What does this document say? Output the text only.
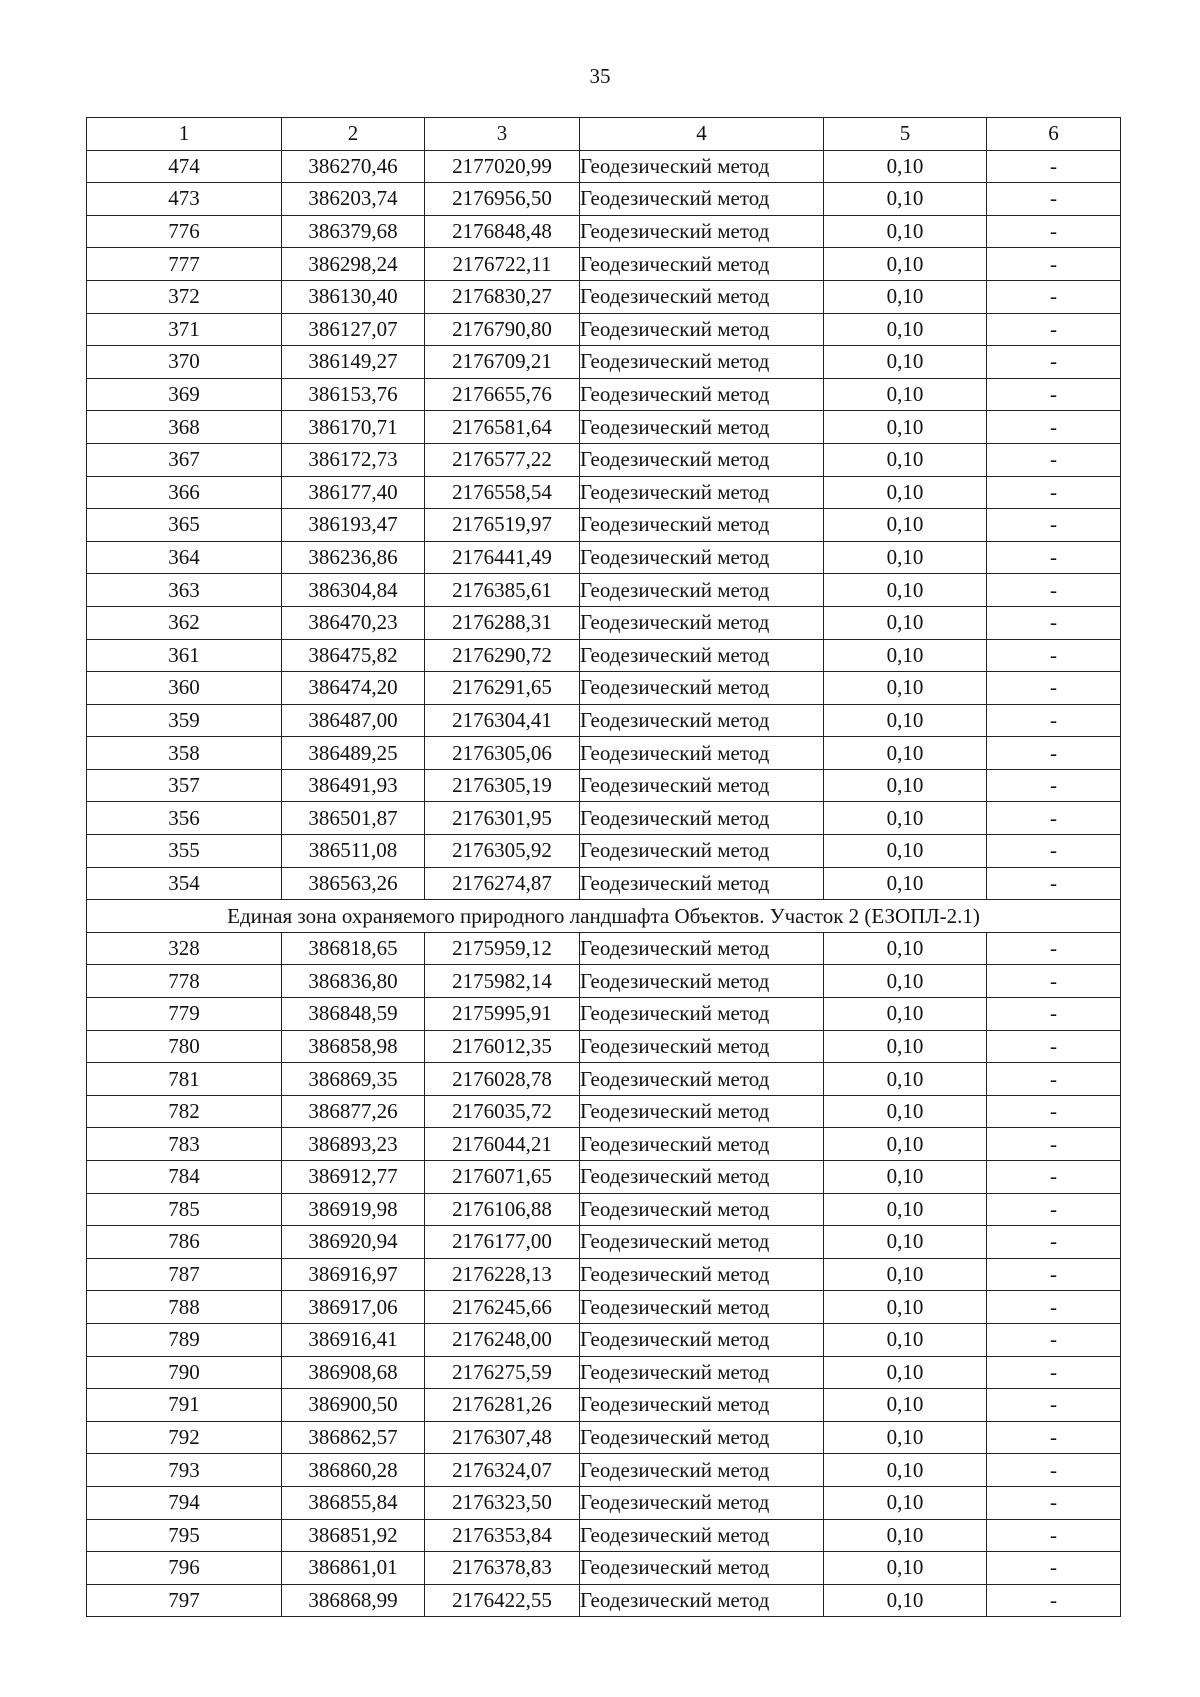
35
1	2	3	4	5	6
474	386270,46	2177020,99	Геодезический метод	0,10	-
473	386203,74	2176956,50	Геодезический метод	0,10	-
776	386379,68	2176848,48	Геодезический метод	0,10	-
777	386298,24	2176722,11	Геодезический метод	0,10	-
372	386130,40	2176830,27	Геодезический метод	0,10	-
371	386127,07	2176790,80	Геодезический метод	0,10	-
370	386149,27	2176709,21	Геодезический метод	0,10	-
369	386153,76	2176655,76	Геодезический метод	0,10	-
368	386170,71	2176581,64	Геодезический метод	0,10	-
367	386172,73	2176577,22	Геодезический метод	0,10	-
366	386177,40	2176558,54	Геодезический метод	0,10	-
365	386193,47	2176519,97	Геодезический метод	0,10	-
364	386236,86	2176441,49	Геодезический метод	0,10	-
363	386304,84	2176385,61	Геодезический метод	0,10	-
362	386470,23	2176288,31	Геодезический метод	0,10	-
361	386475,82	2176290,72	Геодезический метод	0,10	-
360	386474,20	2176291,65	Геодезический метод	0,10	-
359	386487,00	2176304,41	Геодезический метод	0,10	-
358	386489,25	2176305,06	Геодезический метод	0,10	-
357	386491,93	2176305,19	Геодезический метод	0,10	-
356	386501,87	2176301,95	Геодезический метод	0,10	-
355	386511,08	2176305,92	Геодезический метод	0,10	-
354	386563,26	2176274,87	Геодезический метод	0,10	-
Единая зона охраняемого природного ландшафта Объектов. Участок 2 (ЕЗОПЛ-2.1)					
328	386818,65	2175959,12	Геодезический метод	0,10	-
778	386836,80	2175982,14	Геодезический метод	0,10	-
779	386848,59	2175995,91	Геодезический метод	0,10	-
780	386858,98	2176012,35	Геодезический метод	0,10	-
781	386869,35	2176028,78	Геодезический метод	0,10	-
782	386877,26	2176035,72	Геодезический метод	0,10	-
783	386893,23	2176044,21	Геодезический метод	0,10	-
784	386912,77	2176071,65	Геодезический метод	0,10	-
785	386919,98	2176106,88	Геодезический метод	0,10	-
786	386920,94	2176177,00	Геодезический метод	0,10	-
787	386916,97	2176228,13	Геодезический метод	0,10	-
788	386917,06	2176245,66	Геодезический метод	0,10	-
789	386916,41	2176248,00	Геодезический метод	0,10	-
790	386908,68	2176275,59	Геодезический метод	0,10	-
791	386900,50	2176281,26	Геодезический метод	0,10	-
792	386862,57	2176307,48	Геодезический метод	0,10	-
793	386860,28	2176324,07	Геодезический метод	0,10	-
794	386855,84	2176323,50	Геодезический метод	0,10	-
795	386851,92	2176353,84	Геодезический метод	0,10	-
796	386861,01	2176378,83	Геодезический метод	0,10	-
797	386868,99	2176422,55	Геодезический метод	0,10	-
